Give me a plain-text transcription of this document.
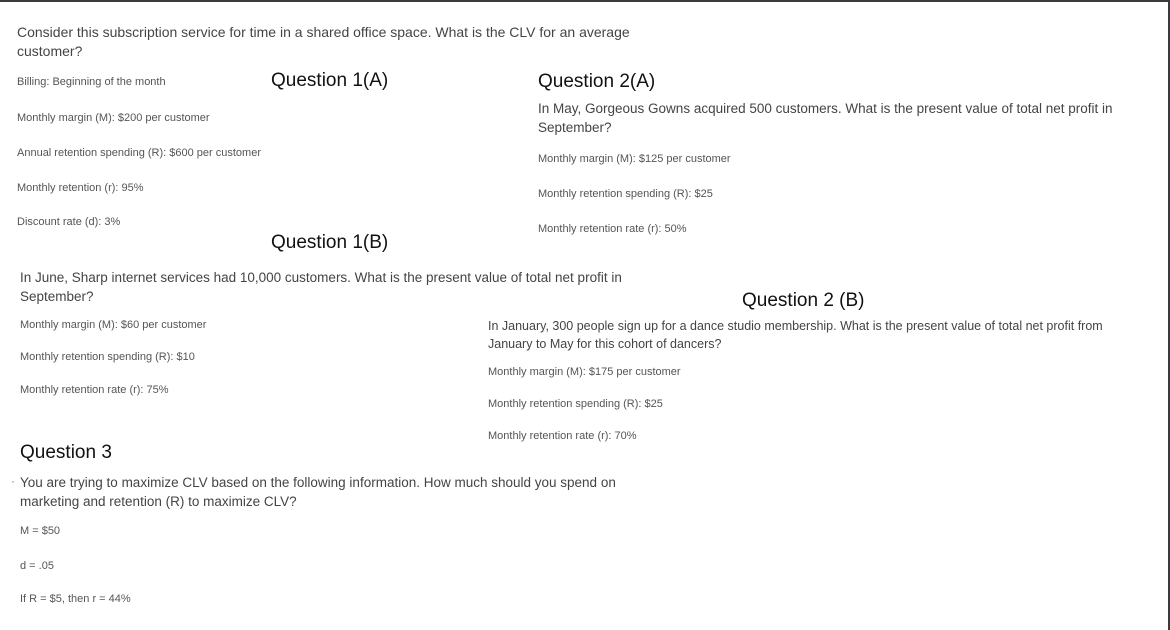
Consider this subscription service for time in a shared office space. What is the CLV for an average customer?
Billing: Beginning of the month	Question 1(A)
Monthly margin (M): $200 per customer
Annual retention spending (R): $600 per customer
Monthly retention (r): 95%
Discount rate (d): 3%
Question 2(A)
In May, Gorgeous Gowns acquired 500 customers. What is the present value of total net profit in September?
Monthly margin (M): $125 per customer
Monthly retention spending (R): $25
Monthly retention rate (r): 50%
Question 1(B)
In June, Sharp internet services had 10,000 customers. What is the present value of total net profit in September?
Monthly margin (M): $60 per customer
Monthly retention spending (R): $10
Monthly retention rate (r): 75%
Question 2 (B)
In January, 300 people sign up for a dance studio membership. What is the present value of total net profit from January to May for this cohort of dancers?
Monthly margin (M): $175 per customer
Monthly retention spending (R): $25
Monthly retention rate (r): 70%
Question 3
· You are trying to maximize CLV based on the following information. How much should you spend on marketing and retention (R) to maximize CLV?
M = $50
d = .05
If R = $5, then r = 44%
